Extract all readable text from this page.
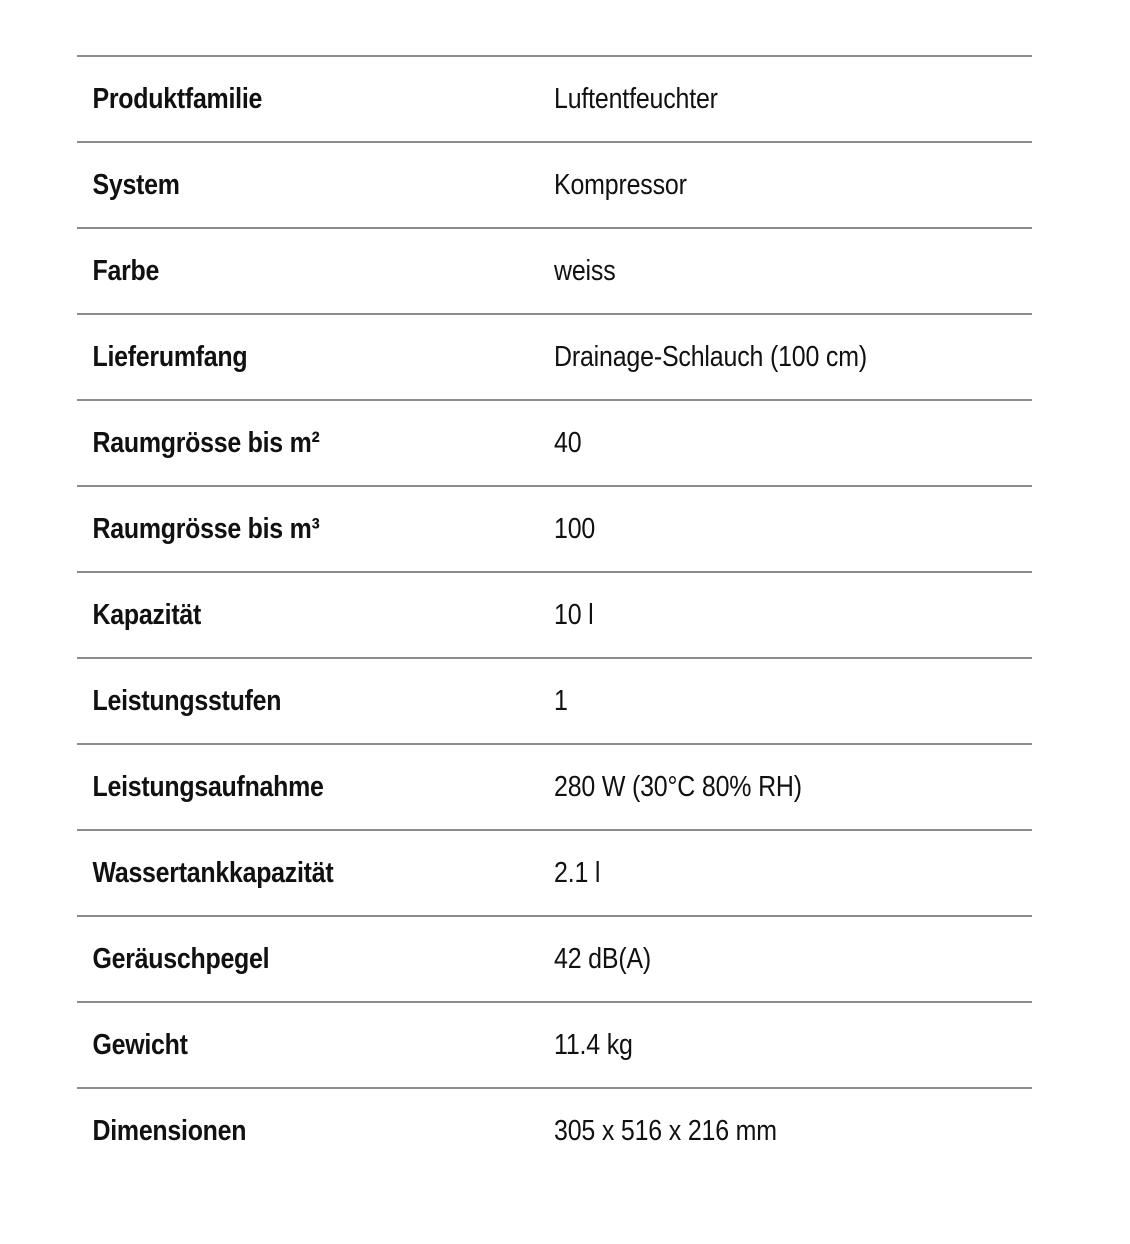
Produktfamilie	Luftentfeuchter
System	Kompressor
Farbe	weiss
Lieferumfang	Drainage-Schlauch (100 cm)
Raumgrösse bis m²	40
Raumgrösse bis m³	100
Kapazität	10 l
Leistungsstufen	1
Leistungsaufnahme	280 W (30°C 80% RH)
Wassertankkapazität	2.1 l
Geräuschpegel	42 dB(A)
Gewicht	11.4 kg
Dimensionen	305 x 516 x 216 mm
